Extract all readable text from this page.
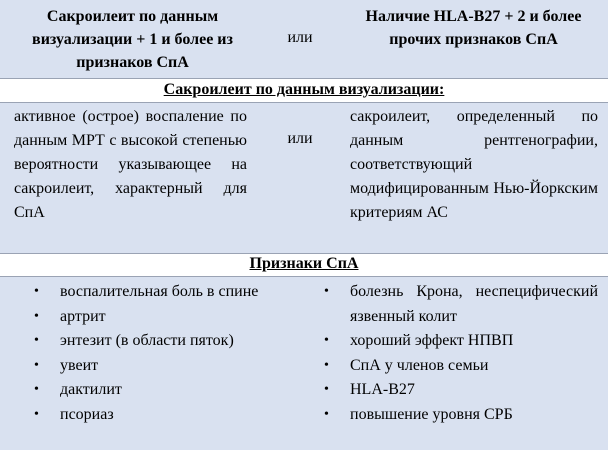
Сакроилеит по данным визуализации + 1 и более из признаков СпА
или
Наличие HLA-B27 + 2 и более прочих признаков СпА
Сакроилеит по данным визуализации:
активное (острое) воспаление по данным МРТ с высокой степенью вероятности указывающее на сакроилеит, характерный для СпА
или
сакроилеит, определенный по данным рентгенографии, соответствующий модифицированным Нью-Йоркским критериям АС
Признаки СпА
• воспалительная боль в спине
• артрит
• энтезит (в области пяток)
• увеит
• дактилит
• псориаз
• болезнь Крона, неспецифический язвенный колит
• хороший эффект НПВП
• СпА у членов семьи
• HLA-B27
• повышение уровня СРБ
